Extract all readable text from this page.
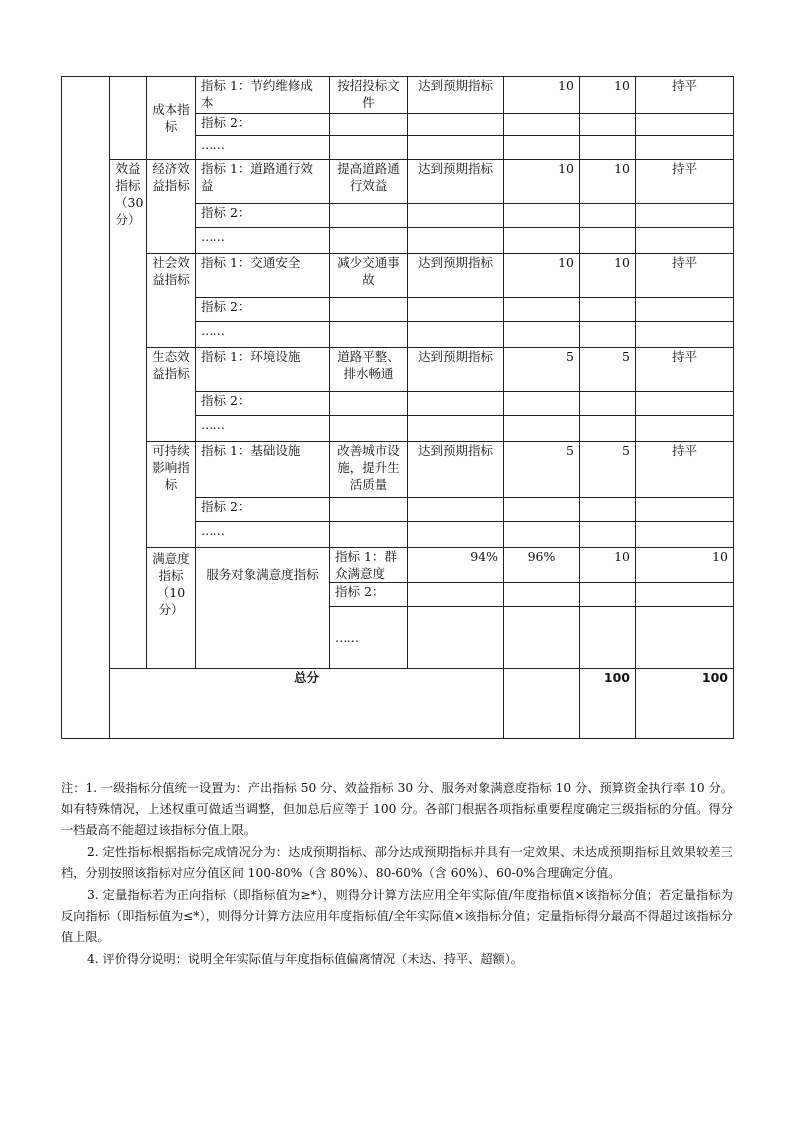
		成本指标	指标 1：节约维修成本	按招投标文件	达到预期指标	10	10	持平	
			指标 2：						
			……						
	效益指标（30分）	经济效益指标	指标 1：道路通行效益	提高道路通行效益	达到预期指标	10	10	持平	
			指标 2：						
			……						
		社会效益指标	指标 1：交通安全	减少交通事故	达到预期指标	10	10	持平	
			指标 2：						
			……						
		生态效益指标	指标 1：环境设施	道路平整、排水畅通	达到预期指标	5	5	持平	
			指标 2：						
			……						
		可持续影响指标	指标 1：基础设施	改善城市设施，提升生活质量	达到预期指标	5	5	持平	
			指标 2：						
			……						
		满意度指标（10分）	服务对象满意度指标	指标 1：群众满意度	94%	96%	10	10	
				指标 2：					
				……					
	总分						100	100	

注：1. 一级指标分值统一设置为：产出指标 50 分、效益指标 30 分、服务对象满意度指标 10 分、预算资金执行率 10 分。如有特殊情况，上述权重可做适当调整，但加总后应等于 100 分。各部门根据各项指标重要程度确定三级指标的分值。得分一档最高不能超过该指标分值上限。

2. 定性指标根据指标完成情况分为：达成预期指标、部分达成预期指标并具有一定效果、未达成预期指标且效果较差三档，分别按照该指标对应分值区间 100-80%（含 80%）、80-60%（含 60%）、60-0%合理确定分值。

3. 定量指标若为正向指标（即指标值为≥*），则得分计算方法应用全年实际值/年度指标值×该指标分值；若定量指标为反向指标（即指标值为≤*），则得分计算方法应用年度指标值/全年实际值×该指标分值；定量指标得分最高不得超过该指标分值上限。

4. 评价得分说明：说明全年实际值与年度指标值偏离情况（未达、持平、超额）。
